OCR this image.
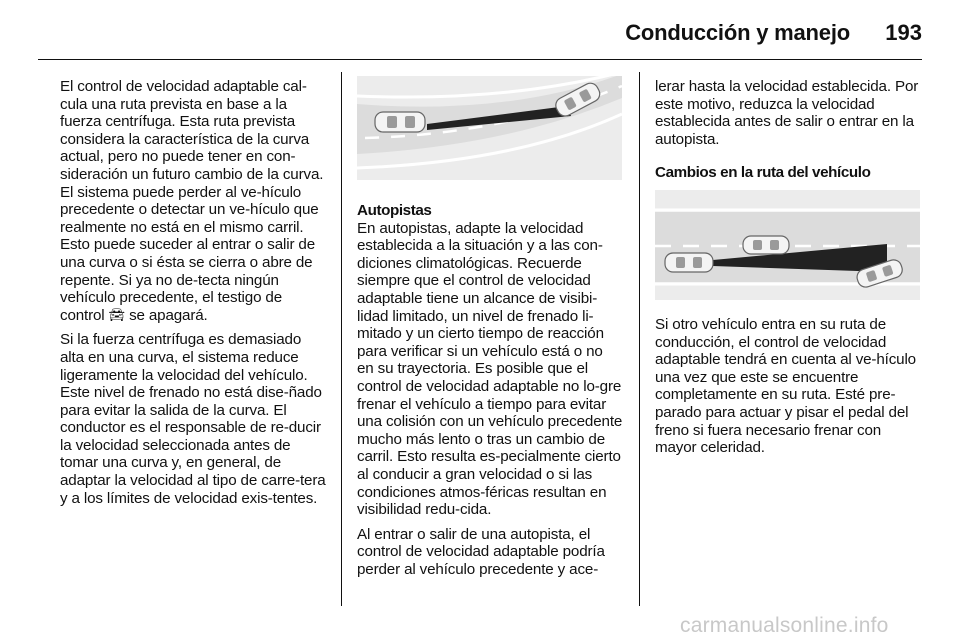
Conducción y manejo	193

El control de velocidad adaptable cal-cula una ruta prevista en base a la fuerza centrífuga. Esta ruta prevista considera la característica de la curva actual, pero no puede tener en con-sideración un futuro cambio de la curva. El sistema puede perder al ve-hículo precedente o detectar un ve-hículo que realmente no está en el mismo carril. Esto puede suceder al entrar o salir de una curva o si ésta se cierra o abre de repente. Si ya no de-tecta ningún vehículo precedente, el testigo de control 🚘︎ se apagará.

Si la fuerza centrífuga es demasiado alta en una curva, el sistema reduce ligeramente la velocidad del vehículo. Este nivel de frenado no está dise-ñado para evitar la salida de la curva. El conductor es el responsable de re-ducir la velocidad seleccionada antes de tomar una curva y, en general, de adaptar la velocidad al tipo de carre-tera y a los límites de velocidad exis-tentes.

Autopistas

En autopistas, adapte la velocidad establecida a la situación y a las con-diciones climatológicas. Recuerde siempre que el control de velocidad adaptable tiene un alcance de visibi-lidad limitado, un nivel de frenado li-mitado y un cierto tiempo de reacción para verificar si un vehículo está o no en su trayectoria. Es posible que el control de velocidad adaptable no lo-gre frenar el vehículo a tiempo para evitar una colisión con un vehículo precedente mucho más lento o tras un cambio de carril. Esto resulta es-pecialmente cierto al conducir a gran velocidad o si las condiciones atmos-féricas resultan en visibilidad redu-cida.

Al entrar o salir de una autopista, el control de velocidad adaptable podría perder al vehículo precedente y ace-

lerar hasta la velocidad establecida. Por este motivo, reduzca la velocidad establecida antes de salir o entrar en la autopista.

Cambios en la ruta del vehículo

Si otro vehículo entra en su ruta de conducción, el control de velocidad adaptable tendrá en cuenta al ve-hículo una vez que este se encuentre completamente en su ruta. Esté pre-parado para actuar y pisar el pedal del freno si fuera necesario frenar con mayor celeridad.

carmanualsonline.info
